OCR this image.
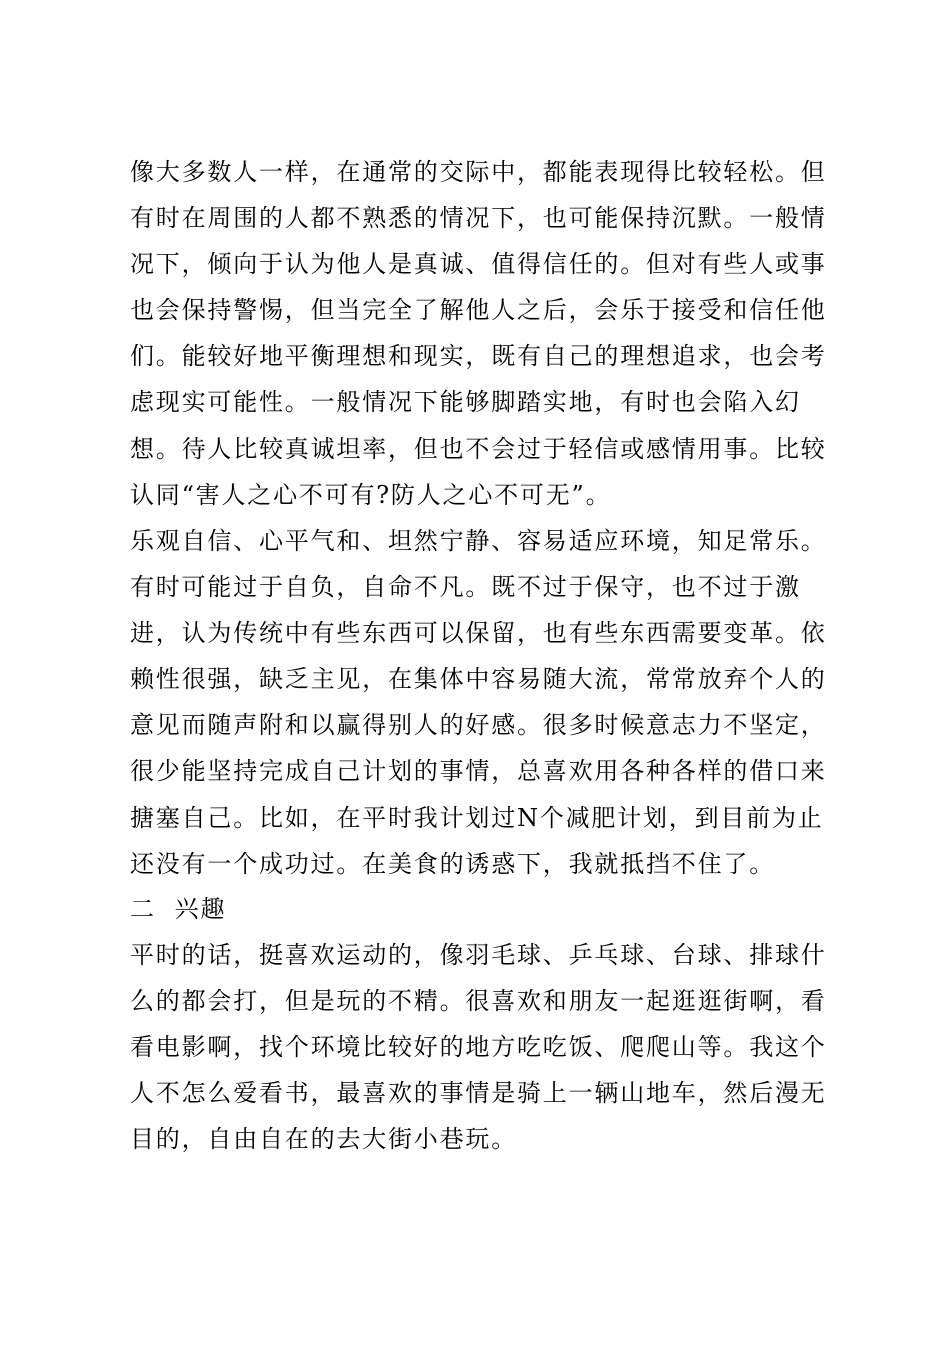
像大多数人一样，在通常的交际中，都能表现得比较轻松。但
有时在周围的人都不熟悉的情况下，也可能保持沉默。一般情
况下，倾向于认为他人是真诚、值得信任的。但对有些人或事
也会保持警惕，但当完全了解他人之后，会乐于接受和信任他
们。能较好地平衡理想和现实，既有自己的理想追求，也会考
虑现实可能性。一般情况下能够脚踏实地，有时也会陷入幻
想。待人比较真诚坦率，但也不会过于轻信或感情用事。比较
认同“害人之心不可有?防人之心不可无”。
乐观自信、心平气和、坦然宁静、容易适应环境，知足常乐。
有时可能过于自负，自命不凡。既不过于保守，也不过于激
进，认为传统中有些东西可以保留，也有些东西需要变革。依
赖性很强，缺乏主见，在集体中容易随大流，常常放弃个人的
意见而随声附和以赢得别人的好感。很多时候意志力不坚定，
很少能坚持完成自己计划的事情，总喜欢用各种各样的借口来
搪塞自己。比如，在平时我计划过N个减肥计划，到目前为止
还没有一个成功过。在美食的诱惑下，我就抵挡不住了。
二  兴趣
平时的话，挺喜欢运动的，像羽毛球、乒乓球、台球、排球什
么的都会打，但是玩的不精。很喜欢和朋友一起逛逛街啊，看
看电影啊，找个环境比较好的地方吃吃饭、爬爬山等。我这个
人不怎么爱看书，最喜欢的事情是骑上一辆山地车，然后漫无
目的，自由自在的去大街小巷玩。
